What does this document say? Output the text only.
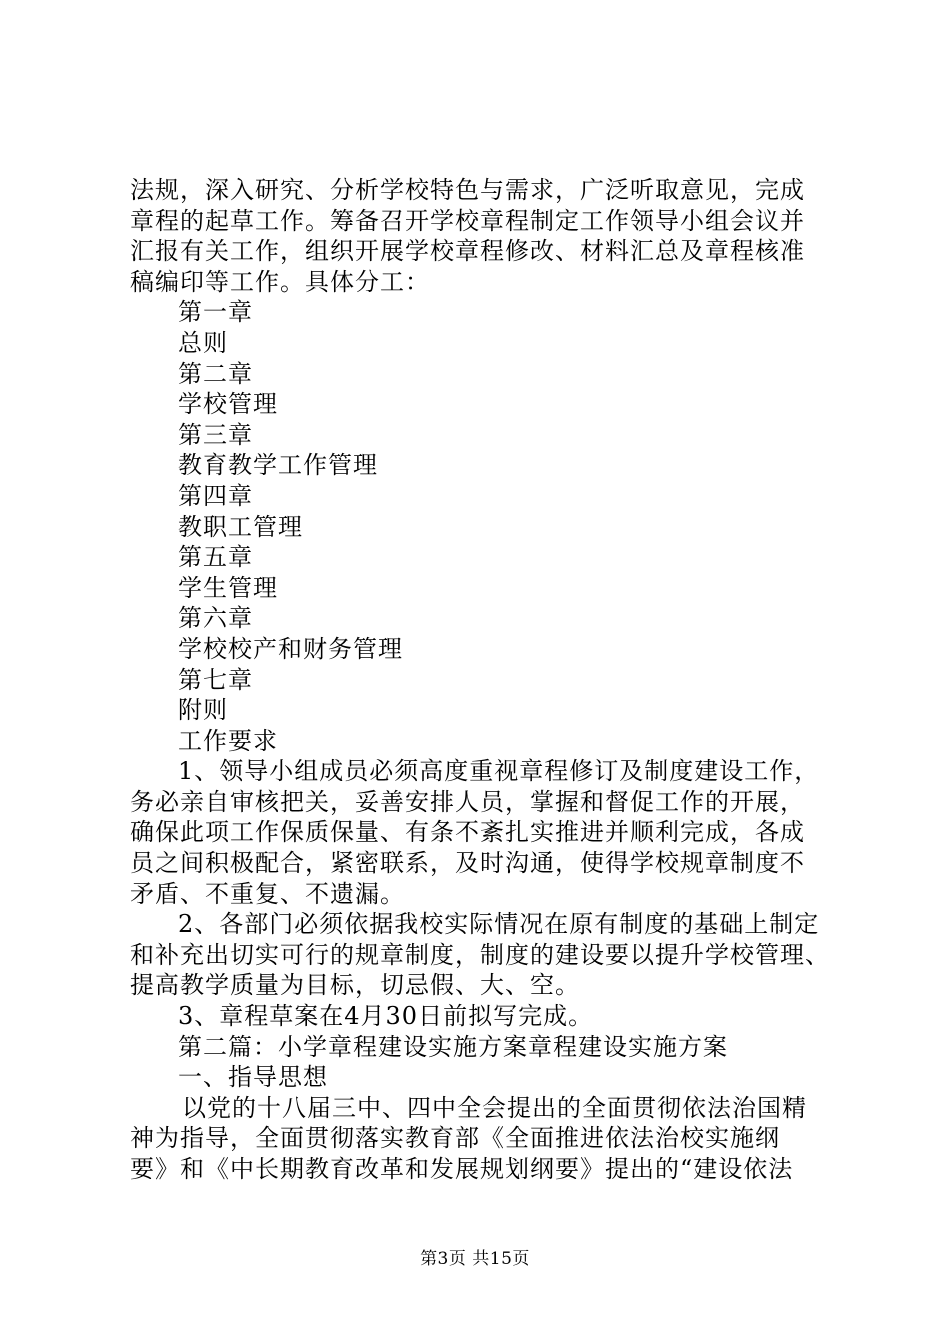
法规，深入研究、分析学校特色与需求，广泛听取意见，完成

章程的起草工作。筹备召开学校章程制定工作领导小组会议并

汇报有关工作，组织开展学校章程修改、材料汇总及章程核准

稿编印等工作。具体分工：

第一章

总则

第二章

学校管理

第三章

教育教学工作管理

第四章

教职工管理

第五章

学生管理

第六章

学校校产和财务管理

第七章

附则

工作要求

1、领导小组成员必须高度重视章程修订及制度建设工作，

务必亲自审核把关，妥善安排人员，掌握和督促工作的开展，

确保此项工作保质保量、有条不紊扎实推进并顺利完成，各成

员之间积极配合，紧密联系，及时沟通，使得学校规章制度不

矛盾、不重复、不遗漏。

2、各部门必须依据我校实际情况在原有制度的基础上制定

和补充出切实可行的规章制度，制度的建设要以提升学校管理、

提高教学质量为目标，切忌假、大、空。

3、章程草案在4月30日前拟写完成。

第二篇：小学章程建设实施方案章程建设实施方案

一、指导思想

以党的十八届三中、四中全会提出的全面贯彻依法治国精

神为指导，全面贯彻落实教育部《全面推进依法治校实施纲

要》和《中长期教育改革和发展规划纲要》提出的“建设依法

第3页 共15页
